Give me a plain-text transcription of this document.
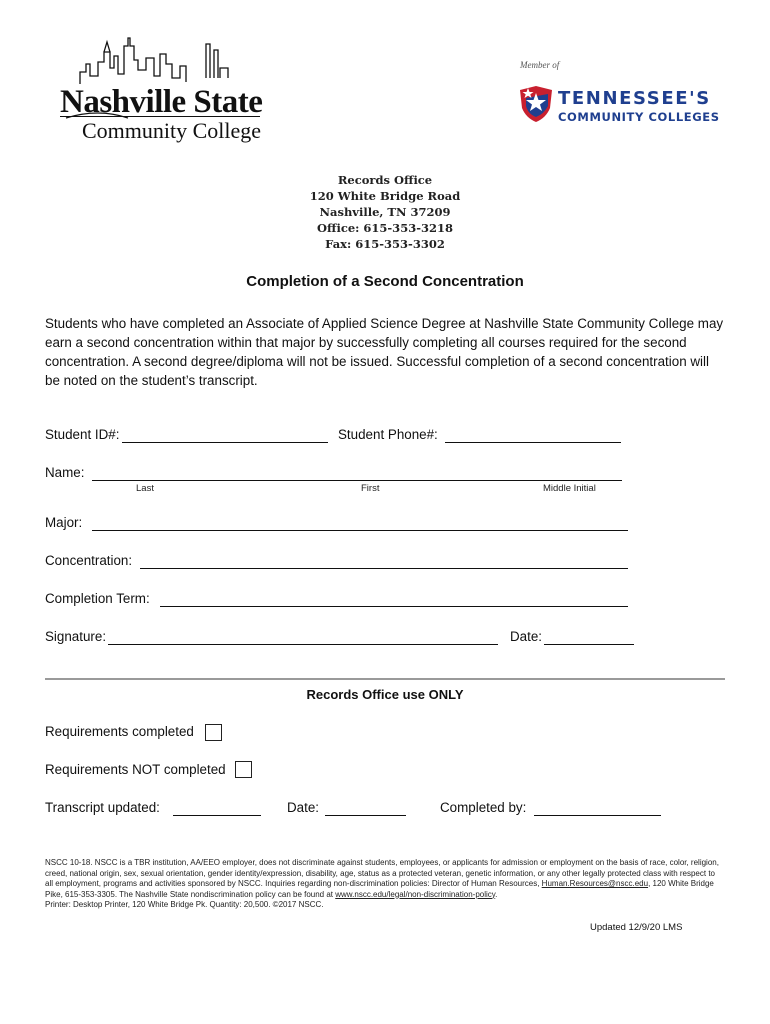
Nashville State
Community College
Member of
TENNESSEE'S
COMMUNITY COLLEGES
Records Office
120 White Bridge Road
Nashville, TN 37209
Office: 615-353-3218
Fax: 615-353-3302
Completion of a Second Concentration
Students who have completed an Associate of Applied Science Degree at Nashville State Community College may earn a second concentration within that major by successfully completing all courses required for the second concentration. A second degree/diploma will not be issued. Successful completion of a second concentration will be noted on the student’s transcript.
Student ID#:	Student Phone#:
Name:
Last	First	Middle Initial
Major:
Concentration:
Completion Term:
Signature:	Date:
Records Office use ONLY
Requirements completed
Requirements NOT completed
Transcript updated:	Date:	Completed by:
NSCC 10-18. NSCC is a TBR institution, AA/EEO employer, does not discriminate against students, employees, or applicants for admission or employment on the basis of race, color, religion, creed, national origin, sex, sexual orientation, gender identity/expression, disability, age, status as a protected veteran, genetic information, or any other legally protected class with respect to all employment, programs and activities sponsored by NSCC. Inquiries regarding non-discrimination policies: Director of Human Resources, Human.Resources@nscc.edu, 120 White Bridge Pike, 615-353-3305. The Nashville State nondiscrimination policy can be found at www.nscc.edu/legal/non-discrimination-policy.
Printer: Desktop Printer, 120 White Bridge Pk. Quantity: 20,500. ©2017 NSCC.
Updated 12/9/20 LMS
